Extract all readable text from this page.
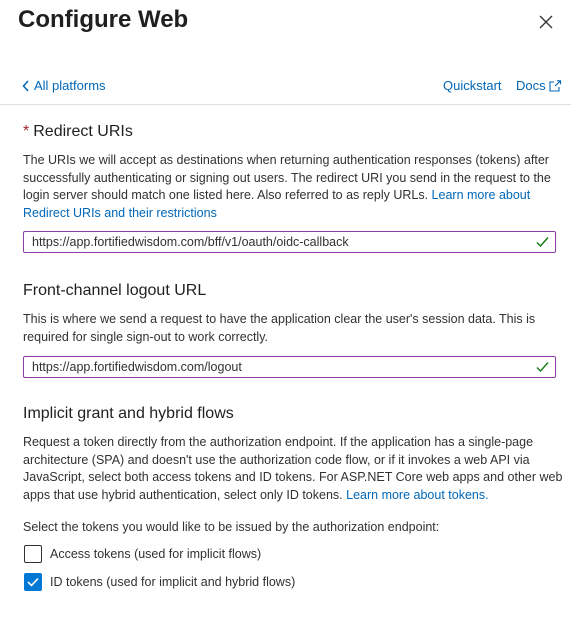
Configure Web
All platforms	Quickstart Docs
* Redirect URIs
The URIs we will accept as destinations when returning authentication responses (tokens) after successfully authenticating or signing out users. The redirect URI you send in the request to the login server should match one listed here. Also referred to as reply URLs. Learn more about Redirect URIs and their restrictions
https://app.fortifiedwisdom.com/bff/v1/oauth/oidc-callback
Front-channel logout URL
This is where we send a request to have the application clear the user's session data. This is required for single sign-out to work correctly.
https://app.fortifiedwisdom.com/logout
Implicit grant and hybrid flows
Request a token directly from the authorization endpoint. If the application has a single-page architecture (SPA) and doesn't use the authorization code flow, or if it invokes a web API via JavaScript, select both access tokens and ID tokens. For ASP.NET Core web apps and other web apps that use hybrid authentication, select only ID tokens. Learn more about tokens.
Select the tokens you would like to be issued by the authorization endpoint:
Access tokens (used for implicit flows)
ID tokens (used for implicit and hybrid flows)
